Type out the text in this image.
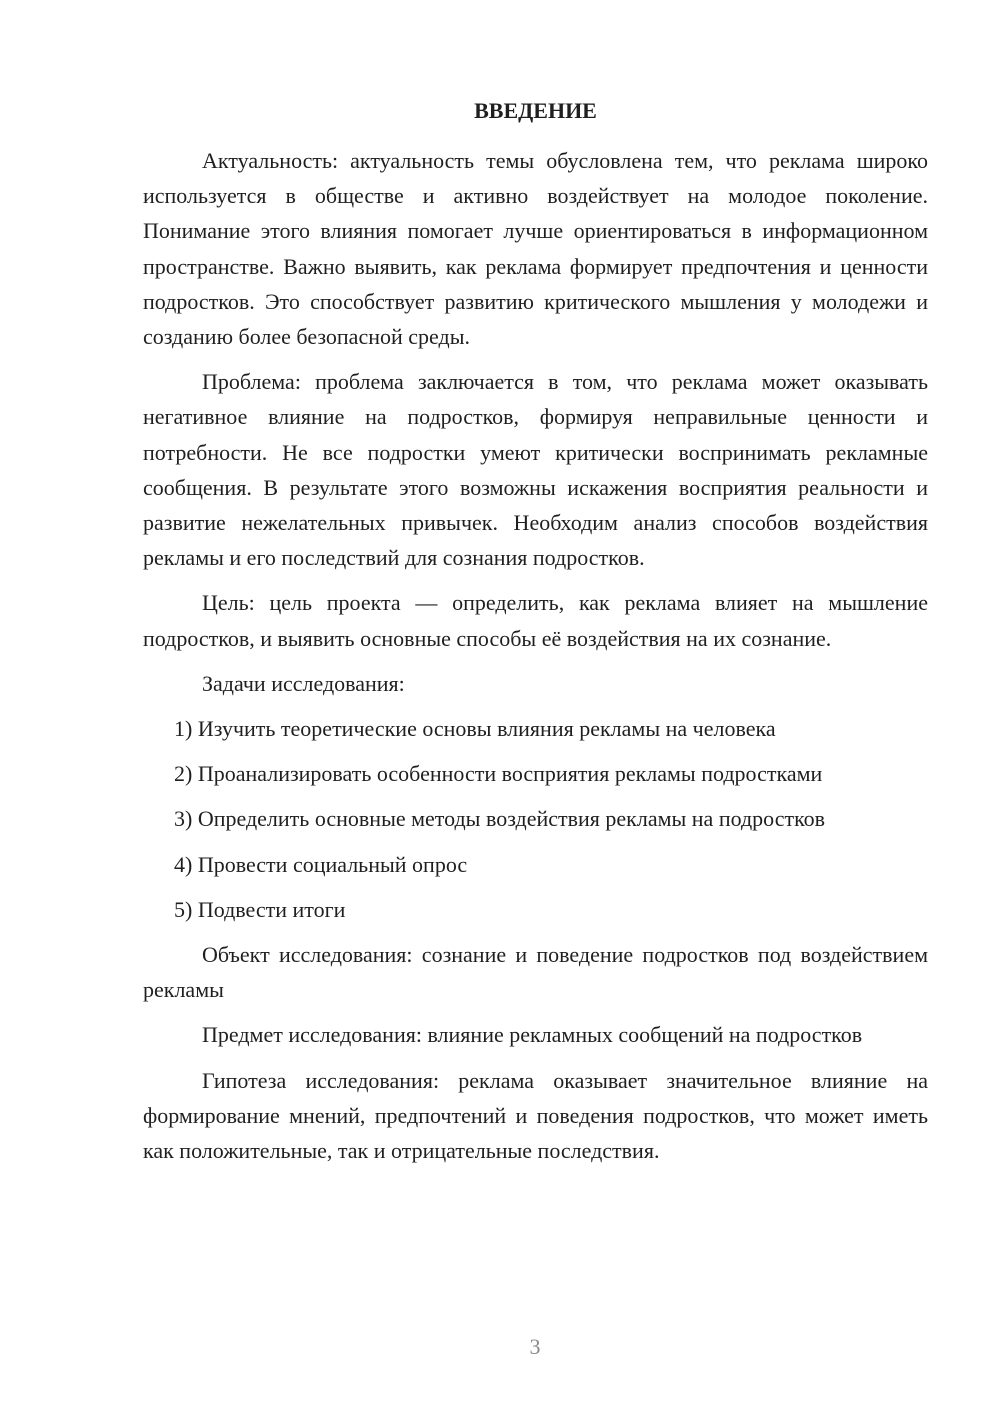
ВВЕДЕНИЕ

Актуальность: актуальность темы обусловлена тем, что реклама широко используется в обществе и активно воздействует на молодое поколение. Понимание этого влияния помогает лучше ориентироваться в информационном пространстве. Важно выявить, как реклама формирует предпочтения и ценности подростков. Это способствует развитию критического мышления у молодежи и созданию более безопасной среды.

Проблема: проблема заключается в том, что реклама может оказывать негативное влияние на подростков, формируя неправильные ценности и потребности. Не все подростки умеют критически воспринимать рекламные сообщения. В результате этого возможны искажения восприятия реальности и развитие нежелательных привычек. Необходим анализ способов воздействия рекламы и его последствий для сознания подростков.

Цель: цель проекта — определить, как реклама влияет на мышление подростков, и выявить основные способы её воздействия на их сознание.

Задачи исследования:

1) Изучить теоретические основы влияния рекламы на человека
2) Проанализировать особенности восприятия рекламы подростками
3) Определить основные методы воздействия рекламы на подростков
4) Провести социальный опрос
5) Подвести итоги

Объект исследования: сознание и поведение подростков под воздействием рекламы

Предмет исследования: влияние рекламных сообщений на подростков

Гипотеза исследования: реклама оказывает значительное влияние на формирование мнений, предпочтений и поведения подростков, что может иметь как положительные, так и отрицательные последствия.

3
